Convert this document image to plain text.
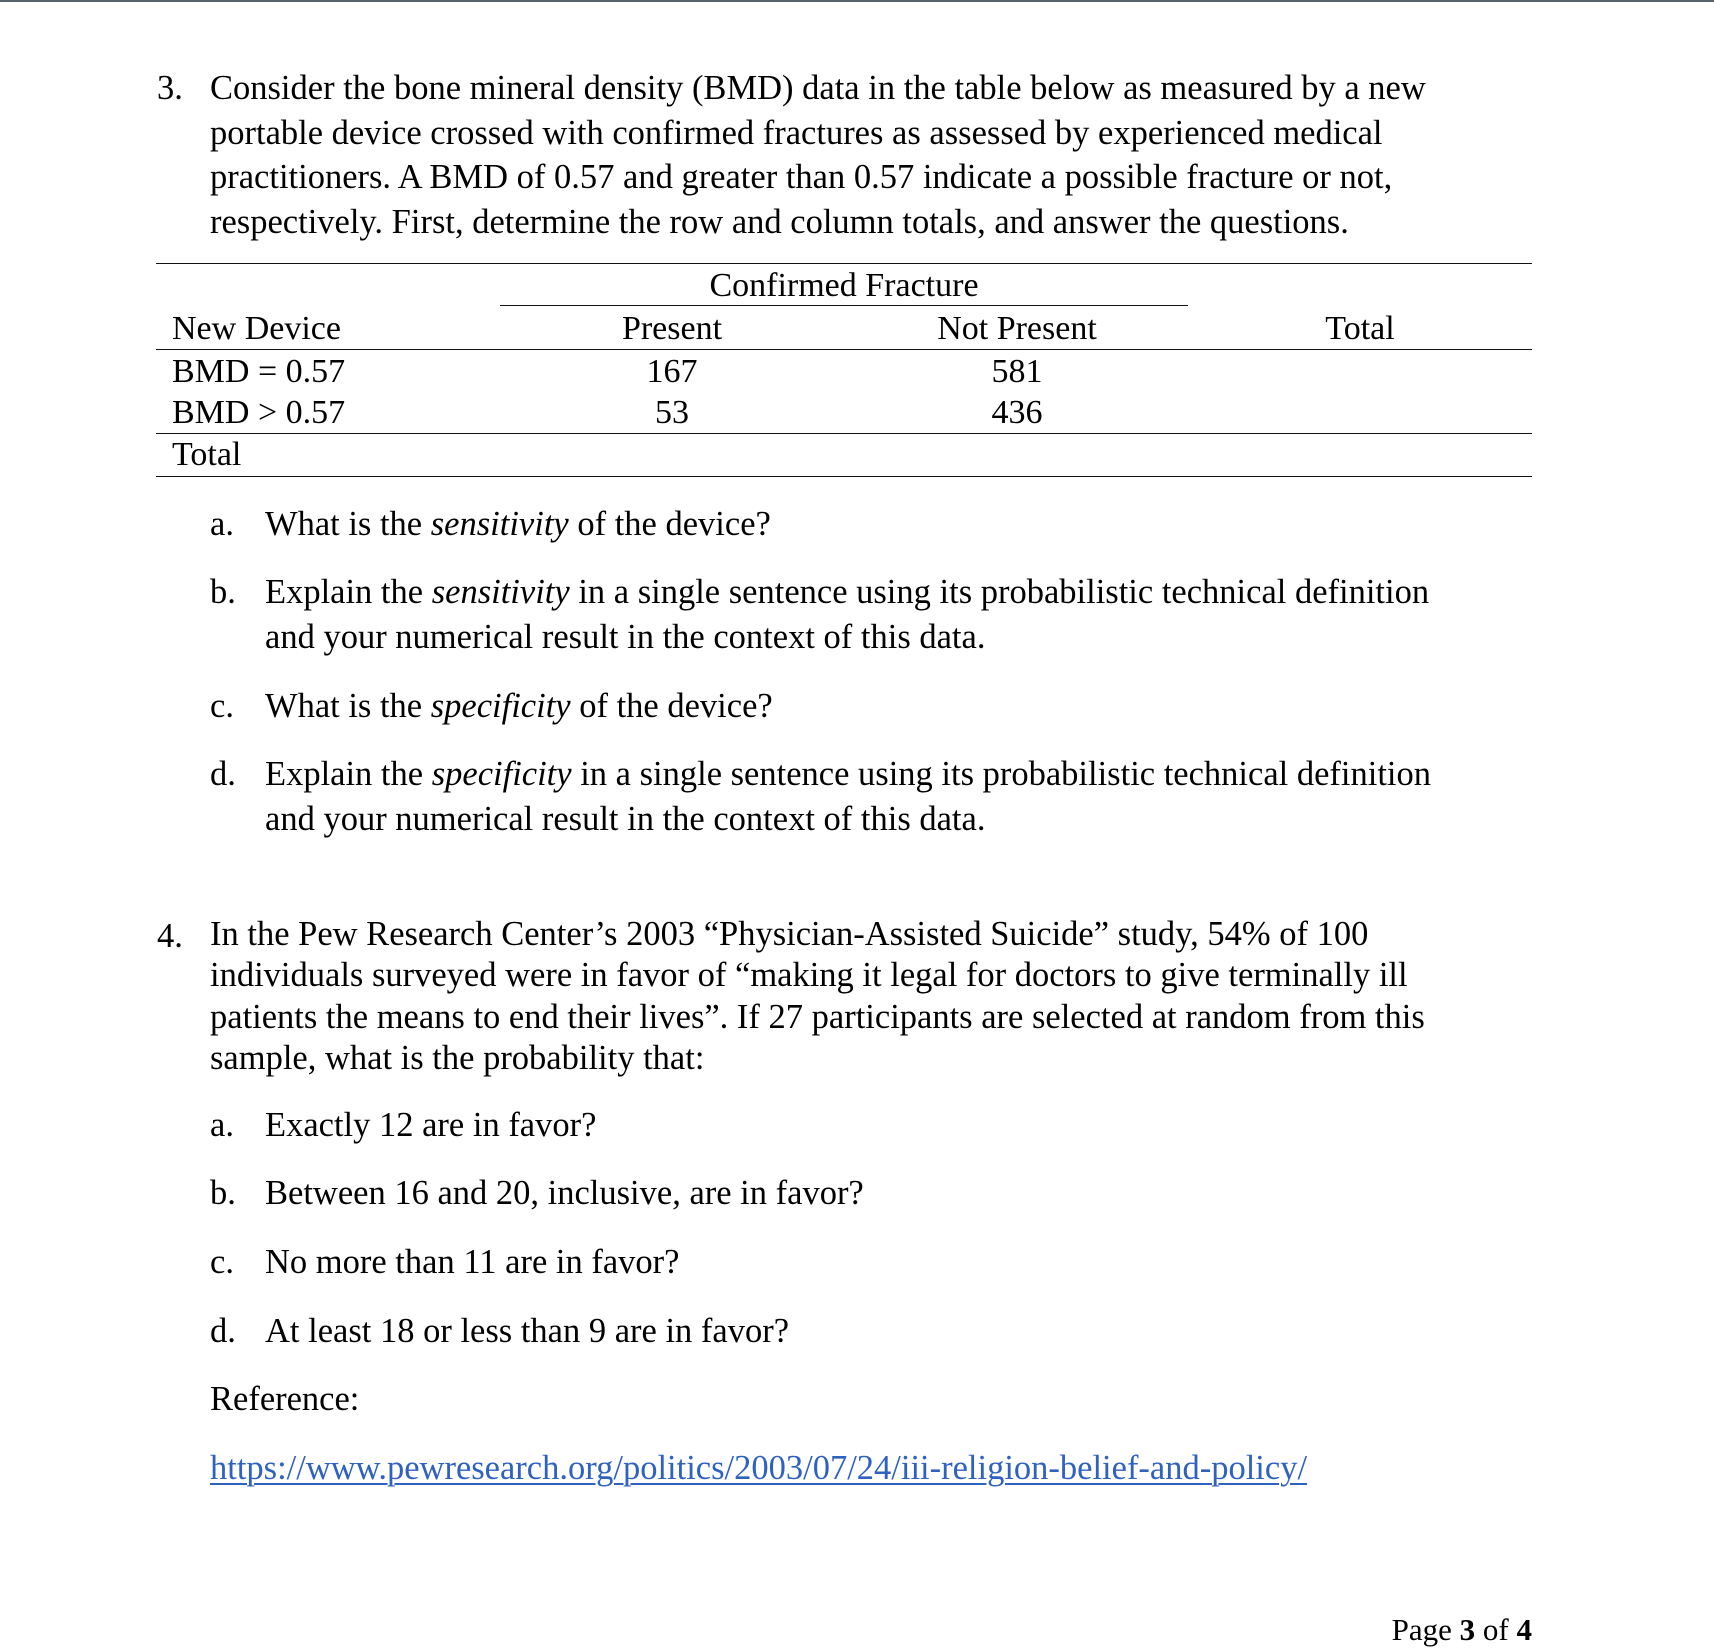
3. Consider the bone mineral density (BMD) data in the table below as measured by a new
portable device crossed with confirmed fractures as assessed by experienced medical
practitioners. A BMD of 0.57 and greater than 0.57 indicate a possible fracture or not,
respectively. First, determine the row and column totals, and answer the questions.
Confirmed Fracture
New Device	Present	Not Present	Total
BMD = 0.57	167	581
BMD > 0.57	53	436
Total
a. What is the sensitivity of the device?
b. Explain the sensitivity in a single sentence using its probabilistic technical definition
and your numerical result in the context of this data.
c. What is the specificity of the device?
d. Explain the specificity in a single sentence using its probabilistic technical definition
and your numerical result in the context of this data.
4. In the Pew Research Center’s 2003 “Physician-Assisted Suicide” study, 54% of 100
individuals surveyed were in favor of “making it legal for doctors to give terminally ill
patients the means to end their lives”. If 27 participants are selected at random from this
sample, what is the probability that:
a. Exactly 12 are in favor?
b. Between 16 and 20, inclusive, are in favor?
c. No more than 11 are in favor?
d. At least 18 or less than 9 are in favor?
Reference:
https://www.pewresearch.org/politics/2003/07/24/iii-religion-belief-and-policy/
Page 3 of 4
